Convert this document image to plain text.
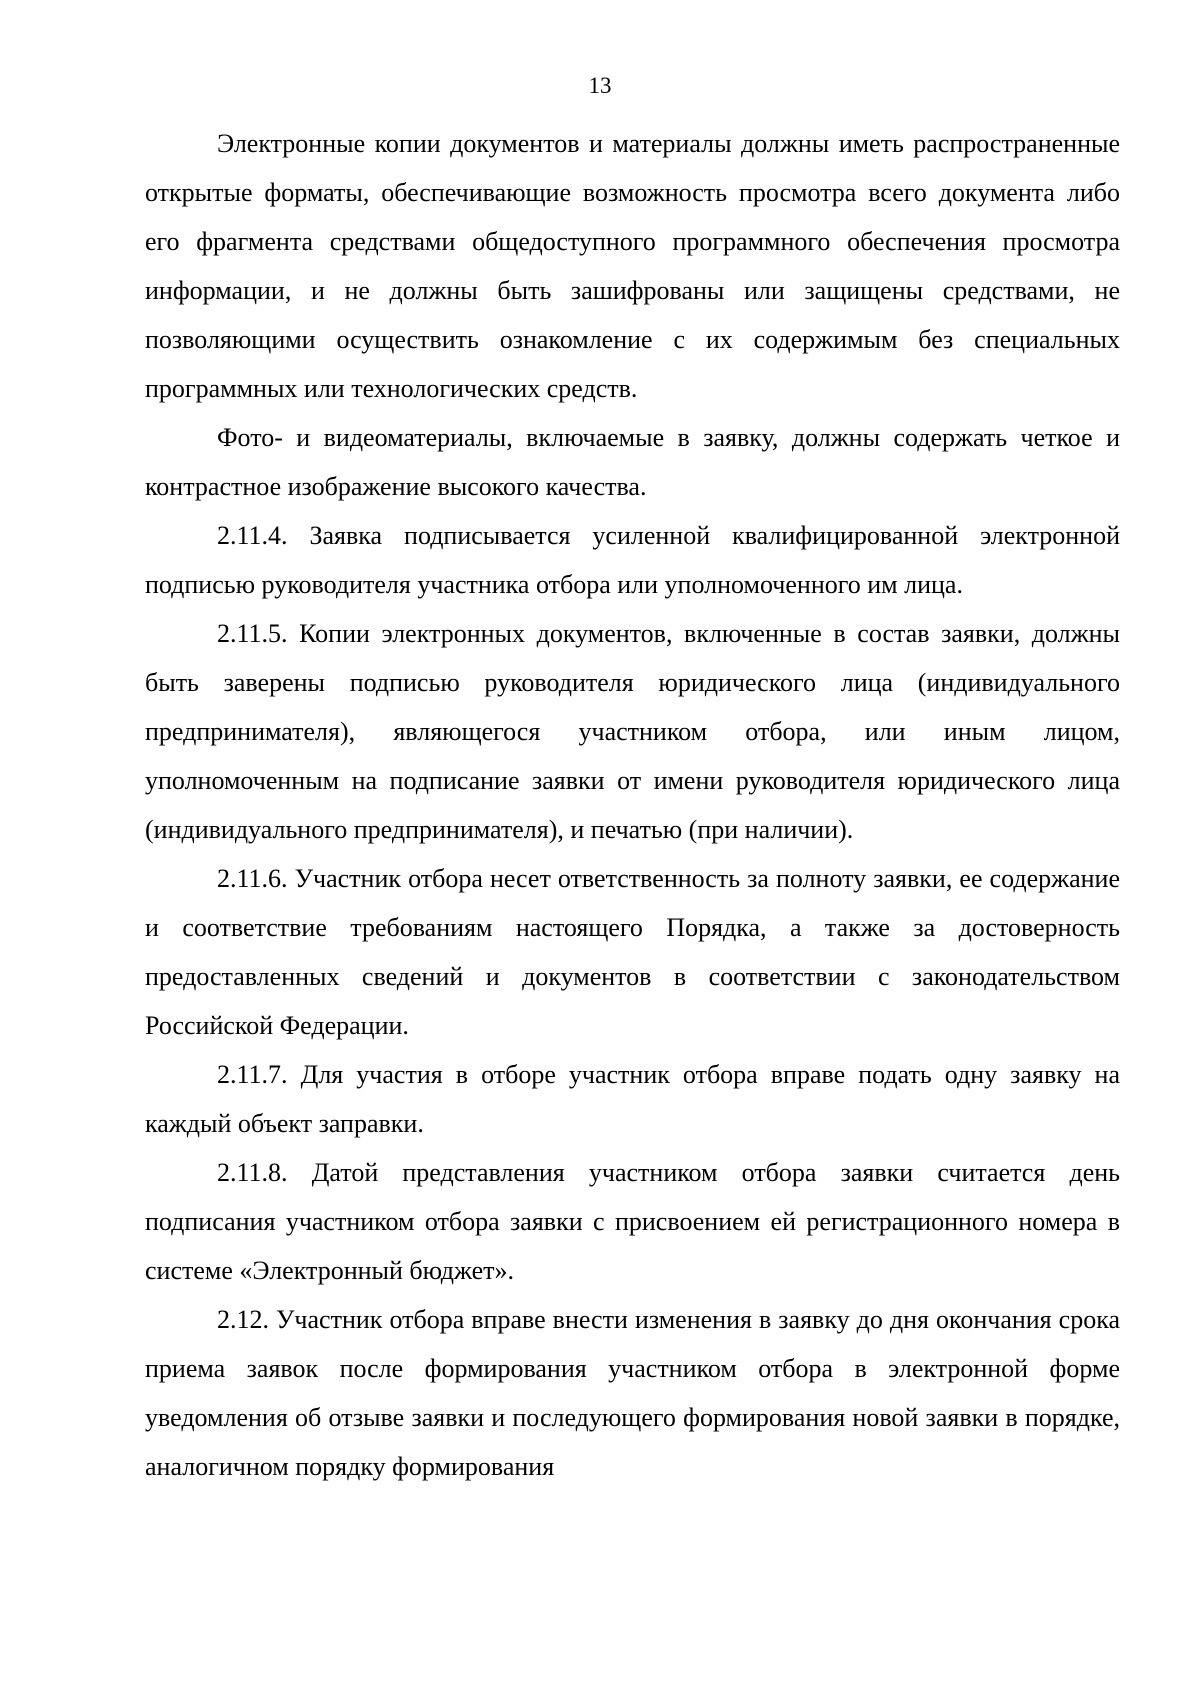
13

Электронные копии документов и материалы должны иметь распространенные открытые форматы, обеспечивающие возможность просмотра всего документа либо его фрагмента средствами общедоступного программного обеспечения просмотра информации, и не должны быть зашифрованы или защищены средствами, не позволяющими осуществить ознакомление с их содержимым без специальных программных или технологических средств.

Фото- и видеоматериалы, включаемые в заявку, должны содержать четкое и контрастное изображение высокого качества.

2.11.4. Заявка подписывается усиленной квалифицированной электронной подписью руководителя участника отбора или уполномоченного им лица.

2.11.5. Копии электронных документов, включенные в состав заявки, должны быть заверены подписью руководителя юридического лица (индивидуального предпринимателя), являющегося участником отбора, или иным лицом, уполномоченным на подписание заявки от имени руководителя юридического лица (индивидуального предпринимателя), и печатью (при наличии).

2.11.6. Участник отбора несет ответственность за полноту заявки, ее содержание и соответствие требованиям настоящего Порядка, а также за достоверность предоставленных сведений и документов в соответствии с законодательством Российской Федерации.

2.11.7. Для участия в отборе участник отбора вправе подать одну заявку на каждый объект заправки.

2.11.8. Датой представления участником отбора заявки считается день подписания участником отбора заявки с присвоением ей регистрационного номера в системе «Электронный бюджет».

2.12. Участник отбора вправе внести изменения в заявку до дня окончания срока приема заявок после формирования участником отбора в электронной форме уведомления об отзыве заявки и последующего формирования новой заявки в порядке, аналогичном порядку формирования
